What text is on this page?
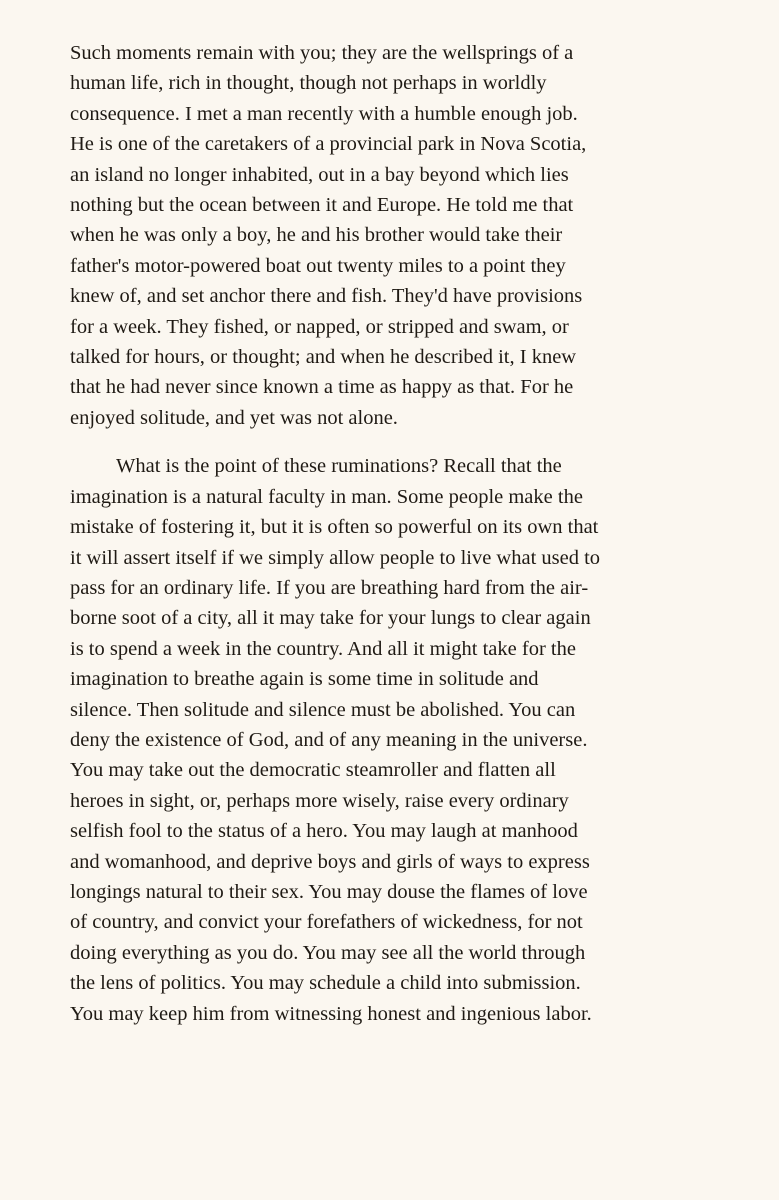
Such moments remain with you; they are the wellsprings of a
human life, rich in thought, though not perhaps in worldly
consequence. I met a man recently with a humble enough job.
He is one of the caretakers of a provincial park in Nova Scotia,
an island no longer inhabited, out in a bay beyond which lies
nothing but the ocean between it and Europe. He told me that
when he was only a boy, he and his brother would take their
father's motor-powered boat out twenty miles to a point they
knew of, and set anchor there and fish. They'd have provisions
for a week. They fished, or napped, or stripped and swam, or
talked for hours, or thought; and when he described it, I knew
that he had never since known a time as happy as that. For he
enjoyed solitude, and yet was not alone.

What is the point of these ruminations? Recall that the
imagination is a natural faculty in man. Some people make the
mistake of fostering it, but it is often so powerful on its own that
it will assert itself if we simply allow people to live what used to
pass for an ordinary life. If you are breathing hard from the air-
borne soot of a city, all it may take for your lungs to clear again
is to spend a week in the country. And all it might take for the
imagination to breathe again is some time in solitude and
silence. Then solitude and silence must be abolished. You can
deny the existence of God, and of any meaning in the universe.
You may take out the democratic steamroller and flatten all
heroes in sight, or, perhaps more wisely, raise every ordinary
selfish fool to the status of a hero. You may laugh at manhood
and womanhood, and deprive boys and girls of ways to express
longings natural to their sex. You may douse the flames of love
of country, and convict your forefathers of wickedness, for not
doing everything as you do. You may see all the world through
the lens of politics. You may schedule a child into submission.
You may keep him from witnessing honest and ingenious labor.
